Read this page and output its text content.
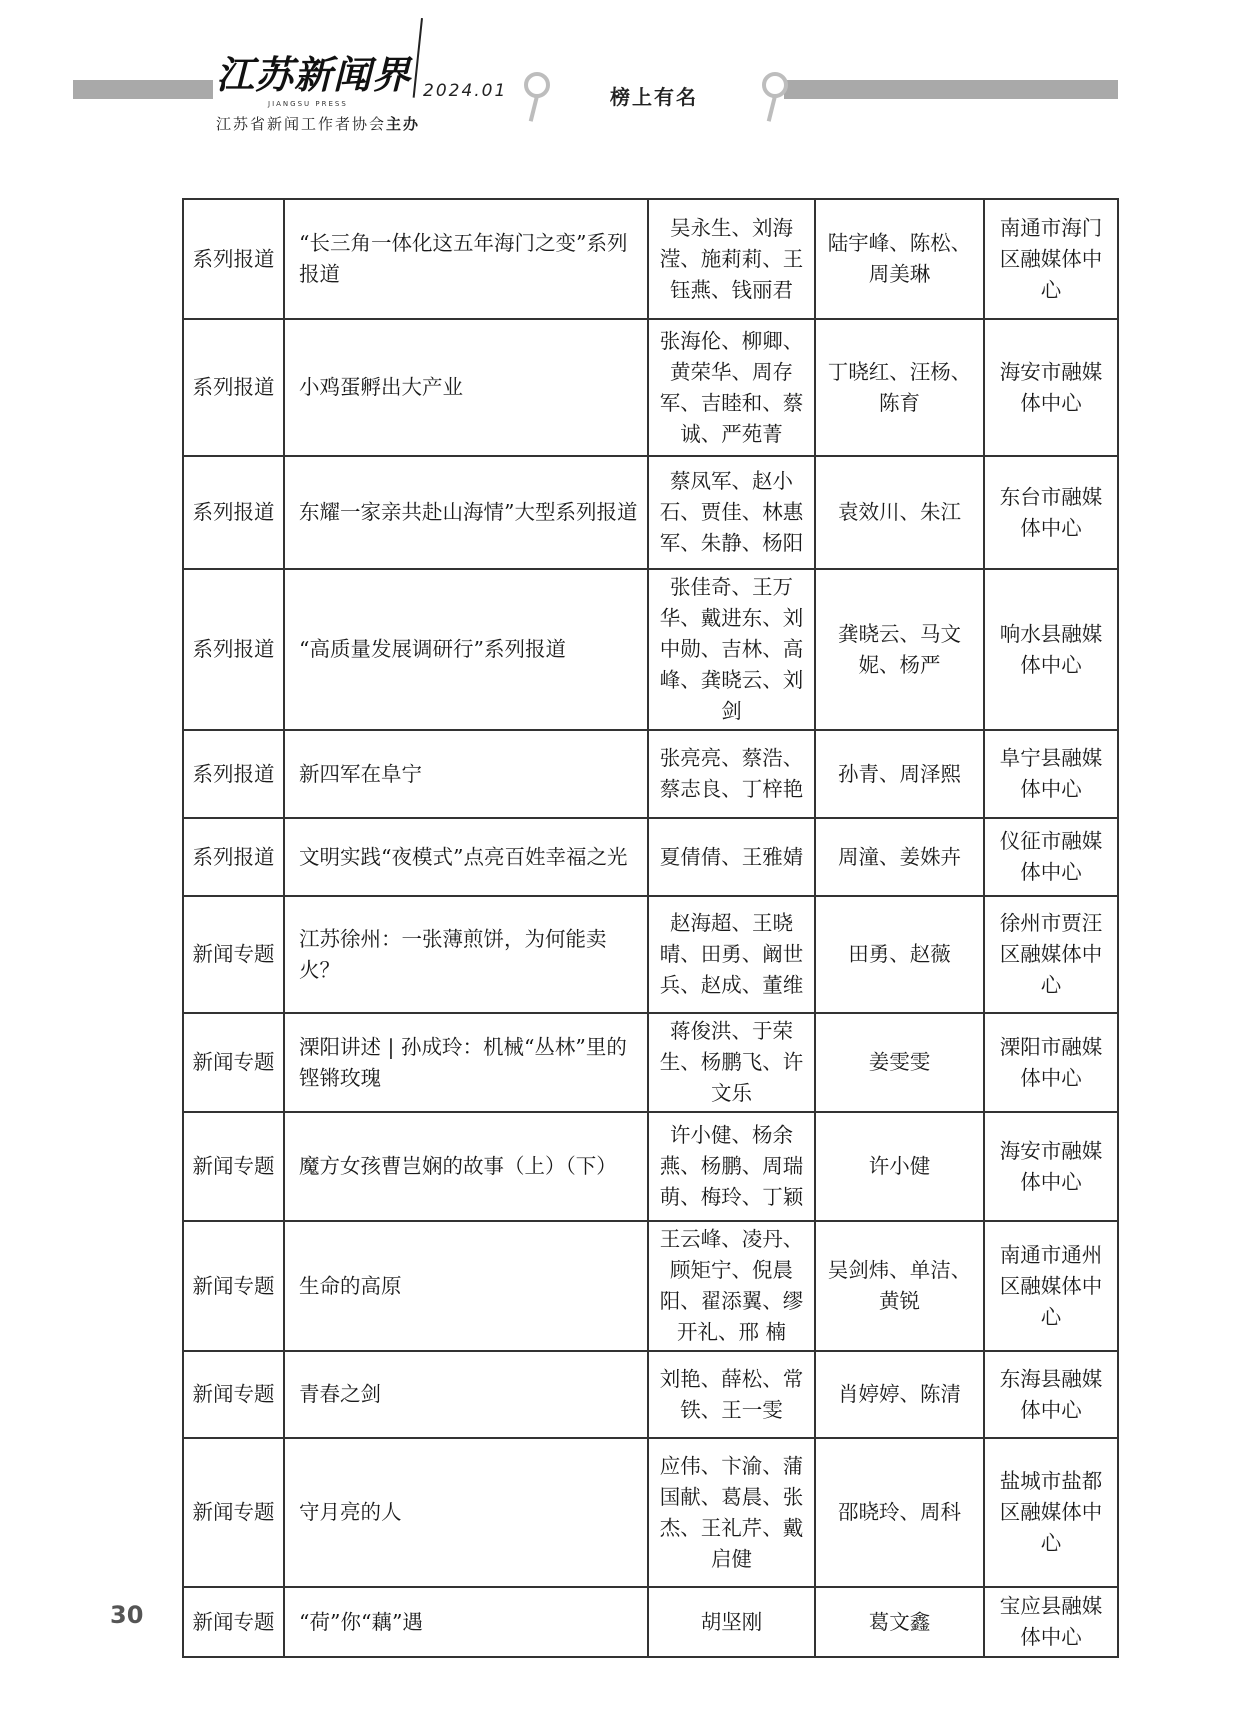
江苏新闻界
JIANGSU PRESS
2024.01
江苏省新闻工作者协会主办
榜上有名
系列报道	“长三角一体化这五年海门之变”系列报道	吴永生、刘海滢、施莉莉、王钰燕、钱丽君	陆宇峰、陈松、周美琳	南通市海门区融媒体中心
系列报道	小鸡蛋孵出大产业	张海伦、柳卿、黄荣华、周存军、吉睦和、蔡诚、严苑菁	丁晓红、汪杨、陈育	海安市融媒体中心
系列报道	东耀一家亲共赴山海情”大型系列报道	蔡凤军、赵小石、贾佳、林惠军、朱静、杨阳	袁效川、朱江	东台市融媒体中心
系列报道	“高质量发展调研行”系列报道	张佳奇、王万华、戴进东、刘中勋、吉林、高峰、龚晓云、刘剑	龚晓云、马文妮、杨严	响水县融媒体中心
系列报道	新四军在阜宁	张亮亮、蔡浩、蔡志良、丁梓艳	孙青、周泽熙	阜宁县融媒体中心
系列报道	文明实践“夜模式”点亮百姓幸福之光	夏倩倩、王雅婧	周潼、姜姝卉	仪征市融媒体中心
新闻专题	江苏徐州：一张薄煎饼，为何能卖火？	赵海超、王晓晴、田勇、阚世兵、赵成、董维	田勇、赵薇	徐州市贾汪区融媒体中心
新闻专题	溧阳讲述 | 孙成玲：机械“丛林”里的铿锵玫瑰	蒋俊洪、于荣生、杨鹏飞、许文乐	姜雯雯	溧阳市融媒体中心
新闻专题	魔方女孩曹岂娴的故事（上）（下）	许小健、杨余燕、杨鹏、周瑞萌、梅玲、丁颖	许小健	海安市融媒体中心
新闻专题	生命的高原	王云峰、凌丹、顾矩宁、倪晨阳、翟添翼、缪开礼、邢 楠	吴剑炜、单洁、黄锐	南通市通州区融媒体中心
新闻专题	青春之剑	刘艳、薛松、常铁、王一雯	肖婷婷、陈清	东海县融媒体中心
新闻专题	守月亮的人	应伟、卞渝、蒲国献、葛晨、张杰、王礼芹、戴启健	邵晓玲、周科	盐城市盐都区融媒体中心
新闻专题	“荷”你“藕”遇	胡坚刚	葛文鑫	宝应县融媒体中心
30
